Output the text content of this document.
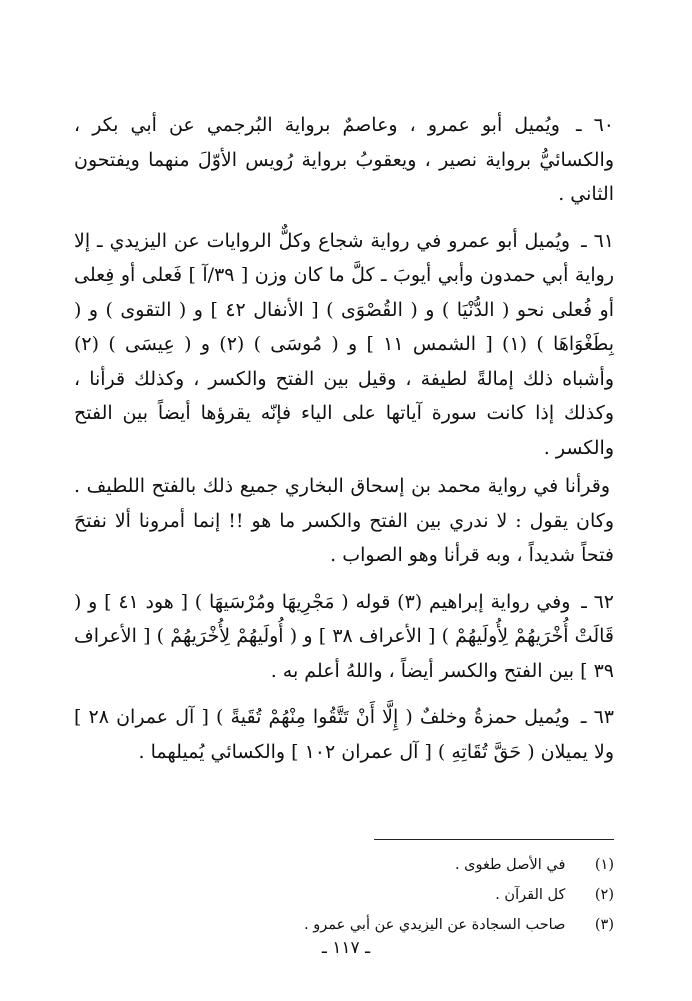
٦٠ ـ ويُميل أبو عمرو ، وعاصمٌ برواية البُرجمي عن أبي بكر ، والكسائيُّ برواية نصير ، ويعقوبُ برواية رُويس الأوّلَ منهما ويفتحون الثاني .

٦١ ـ ويُميل أبو عمرو في رواية شجاع وكلٌّ الروايات عن اليزيدي ـ إلا رواية أبي حمدون وأبي أيوبَ ـ كلَّ ما كان وزن [ ٣٩/آ ] فَعلى أو فِعلى أو فُعلى نحو ( الدُّنْيَا ) و ( القُصْوَى ) [ الأنفال ٤٢ ] و ( التقوى ) و ( بِطَغْوَاهَا ) (١) [ الشمس ١١ ] و ( مُوسَى ) (٢) و ( عِيسَى ) (٢) وأشباه ذلك إمالةً لطيفة ، وقيل بين الفتح والكسر ، وكذلك قرأنا ، وكذلك إذا كانت سورة آياتها على الياء فإنّه يقرؤها أيضاً بين الفتح والكسر .

وقرأنا في رواية محمد بن إسحاق البخاري جميع ذلك بالفتح اللطيف . وكان يقول : لا ندري بين الفتح والكسر ما هو !! إنما أمرونا ألا نفتحَ فتحاً شديداً ، وبه قرأنا وهو الصواب .

٦٢ ـ وفي رواية إبراهيم (٣) قوله ( مَجْرِيهَا ومُرْسَيهَا ) [ هود ٤١ ] و ( قَالَتْ أُخْرَيهُمْ لِأُولَيهُمْ ) [ الأعراف ٣٨ ] و ( أُولَيهُمْ لِأُخْرَيهُمْ ) [ الأعراف ٣٩ ] بين الفتح والكسر أيضاً ، واللهُ أعلم به .

٦٣ ـ ويُميل حمزةُ وخلفٌ ( إِلَّا أَنْ تَتَّقُوا مِنْهُمْ تُقَيةً ) [ آل عمران ٢٨ ] ولا يميلان ( حَقَّ تُقَاتِهِ ) [ آل عمران ١٠٢ ] والكسائي يُميلهما .

(١) في الأصل طغوى .

(٢) كل القرآن .

(٣) صاحب السجادة عن اليزيدي عن أبي عمرو .

ـ ١١٧ ـ
